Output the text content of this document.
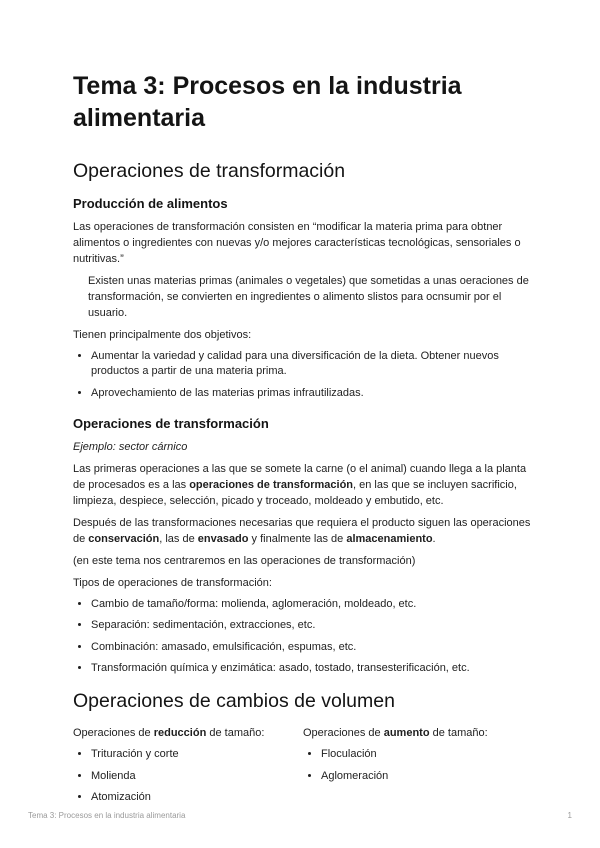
Tema 3: Procesos en la industria alimentaria
Operaciones de transformación
Producción de alimentos

Las operaciones de transformación consisten en “modificar la materia prima para obtner alimentos o ingredientes con nuevas y/o mejores características tecnológicas, sensoriales o nutritivas.”

Existen unas materias primas (animales o vegetales) que sometidas a unas oeraciones de transformación, se convierten en ingredientes o alimento slistos para ocnsumir por el usuario.

Tienen principalmente dos objetivos:

• Aumentar la variedad y calidad para una diversificación de la dieta. Obtener nuevos productos a partir de una materia prima.
• Aprovechamiento de las materias primas infrautilizadas.
Operaciones de transformación

Ejemplo: sector cárnico

Las primeras operaciones a las que se somete la carne (o el animal) cuando llega a la planta de procesados es a las operaciones de transformación, en las que se incluyen sacrificio, limpieza, despiece, selección, picado y troceado, moldeado y embutido, etc.

Después de las transformaciones necesarias que requiera el producto siguen las operaciones de conservación, las de envasado y finalmente las de almacenamiento.

(en este tema nos centraremos en las operaciones de transformación)

Tipos de operaciones de transformación:

• Cambio de tamaño/forma: molienda, aglomeración, moldeado, etc.
• Separación: sedimentación, extracciones, etc.
• Combinación: amasado, emulsificación, espumas, etc.
• Transformación química y enzimática: asado, tostado, transesterificación, etc.
Operaciones de cambios de volumen

Operaciones de reducción de tamaño:

• Trituración y corte
• Molienda
• Atomización

Operaciones de aumento de tamaño:

• Floculación
• Aglomeración
Tema 3: Procesos en la industria alimentaria	1
